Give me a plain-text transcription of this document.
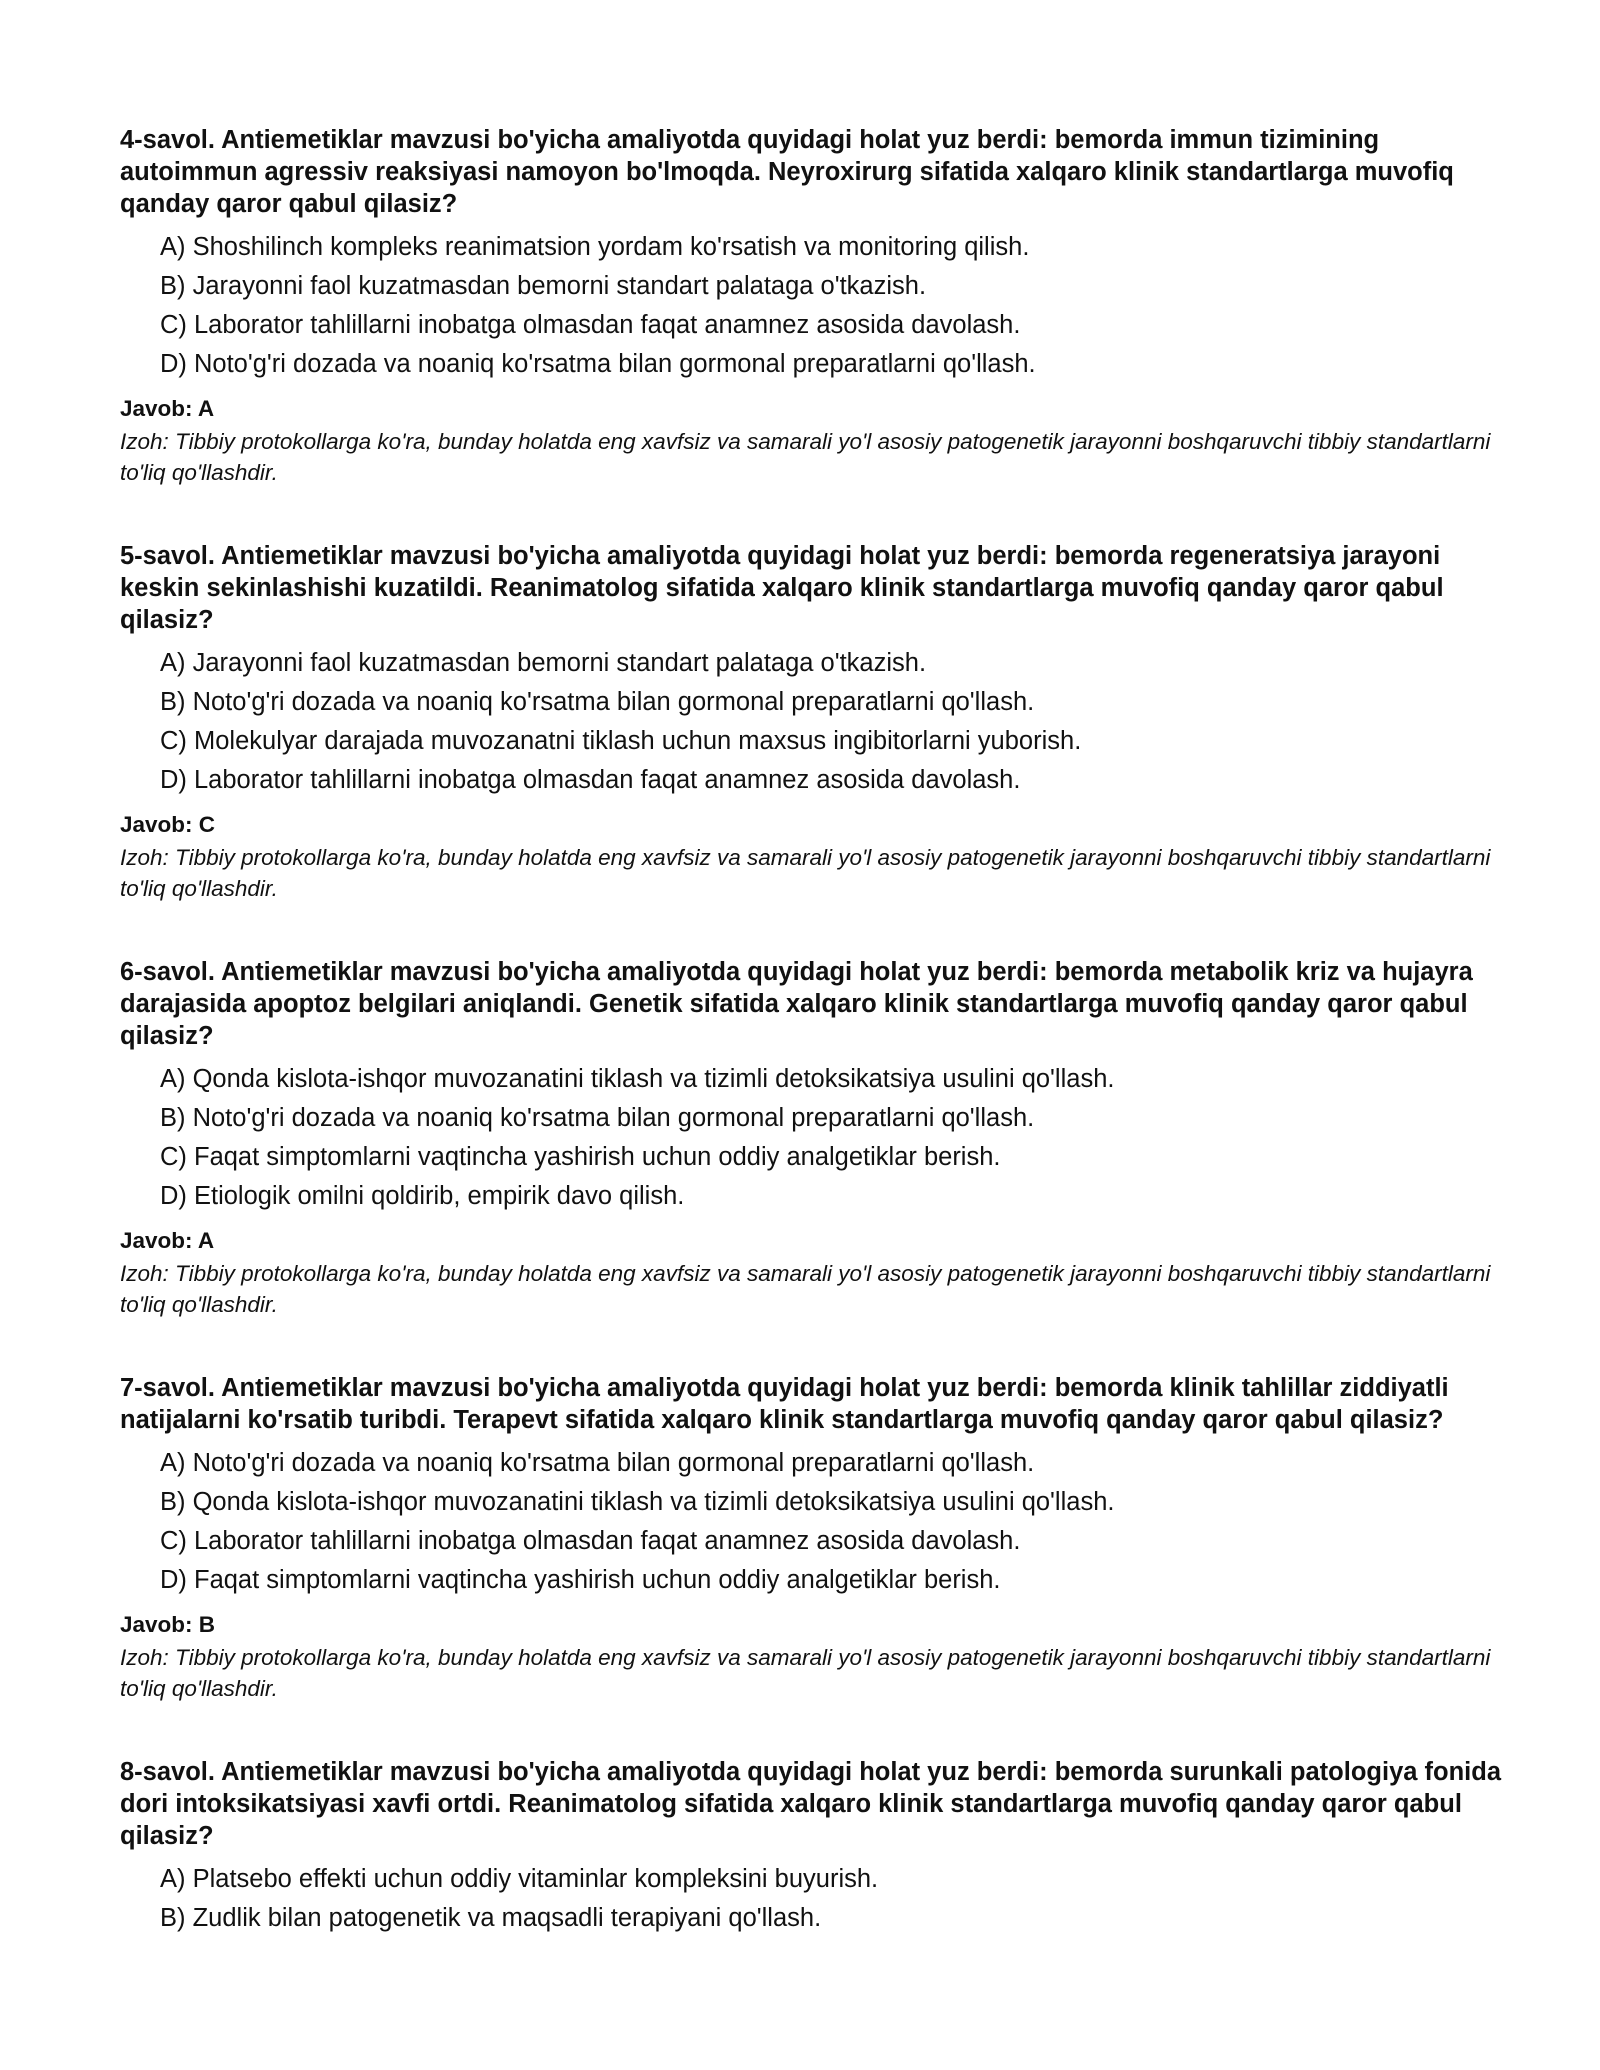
4-savol. Antiemetiklar mavzusi bo'yicha amaliyotda quyidagi holat yuz berdi: bemorda immun tizimining autoimmun agressiv reaksiyasi namoyon bo'lmoqda. Neyroxirurg sifatida xalqaro klinik standartlarga muvofiq qanday qaror qabul qilasiz?
A) Shoshilinch kompleks reanimatsion yordam ko'rsatish va monitoring qilish.
B) Jarayonni faol kuzatmasdan bemorni standart palataga o'tkazish.
C) Laborator tahlillarni inobatga olmasdan faqat anamnez asosida davolash.
D) Noto'g'ri dozada va noaniq ko'rsatma bilan gormonal preparatlarni qo'llash.
Javob: A
Izoh: Tibbiy protokollarga ko'ra, bunday holatda eng xavfsiz va samarali yo'l asosiy patogenetik jarayonni boshqaruvchi tibbiy standartlarni to'liq qo'llashdir.
5-savol. Antiemetiklar mavzusi bo'yicha amaliyotda quyidagi holat yuz berdi: bemorda regeneratsiya jarayoni keskin sekinlashishi kuzatildi. Reanimatolog sifatida xalqaro klinik standartlarga muvofiq qanday qaror qabul qilasiz?
A) Jarayonni faol kuzatmasdan bemorni standart palataga o'tkazish.
B) Noto'g'ri dozada va noaniq ko'rsatma bilan gormonal preparatlarni qo'llash.
C) Molekulyar darajada muvozanatni tiklash uchun maxsus ingibitorlarni yuborish.
D) Laborator tahlillarni inobatga olmasdan faqat anamnez asosida davolash.
Javob: C
Izoh: Tibbiy protokollarga ko'ra, bunday holatda eng xavfsiz va samarali yo'l asosiy patogenetik jarayonni boshqaruvchi tibbiy standartlarni to'liq qo'llashdir.
6-savol. Antiemetiklar mavzusi bo'yicha amaliyotda quyidagi holat yuz berdi: bemorda metabolik kriz va hujayra darajasida apoptoz belgilari aniqlandi. Genetik sifatida xalqaro klinik standartlarga muvofiq qanday qaror qabul qilasiz?
A) Qonda kislota-ishqor muvozanatini tiklash va tizimli detoksikatsiya usulini qo'llash.
B) Noto'g'ri dozada va noaniq ko'rsatma bilan gormonal preparatlarni qo'llash.
C) Faqat simptomlarni vaqtincha yashirish uchun oddiy analgetiklar berish.
D) Etiologik omilni qoldirib, empirik davo qilish.
Javob: A
Izoh: Tibbiy protokollarga ko'ra, bunday holatda eng xavfsiz va samarali yo'l asosiy patogenetik jarayonni boshqaruvchi tibbiy standartlarni to'liq qo'llashdir.
7-savol. Antiemetiklar mavzusi bo'yicha amaliyotda quyidagi holat yuz berdi: bemorda klinik tahlillar ziddiyatli natijalarni ko'rsatib turibdi. Terapevt sifatida xalqaro klinik standartlarga muvofiq qanday qaror qabul qilasiz?
A) Noto'g'ri dozada va noaniq ko'rsatma bilan gormonal preparatlarni qo'llash.
B) Qonda kislota-ishqor muvozanatini tiklash va tizimli detoksikatsiya usulini qo'llash.
C) Laborator tahlillarni inobatga olmasdan faqat anamnez asosida davolash.
D) Faqat simptomlarni vaqtincha yashirish uchun oddiy analgetiklar berish.
Javob: B
Izoh: Tibbiy protokollarga ko'ra, bunday holatda eng xavfsiz va samarali yo'l asosiy patogenetik jarayonni boshqaruvchi tibbiy standartlarni to'liq qo'llashdir.
8-savol. Antiemetiklar mavzusi bo'yicha amaliyotda quyidagi holat yuz berdi: bemorda surunkali patologiya fonida dori intoksikatsiyasi xavfi ortdi. Reanimatolog sifatida xalqaro klinik standartlarga muvofiq qanday qaror qabul qilasiz?
A) Platsebo effekti uchun oddiy vitaminlar kompleksini buyurish.
B) Zudlik bilan patogenetik va maqsadli terapiyani qo'llash.
